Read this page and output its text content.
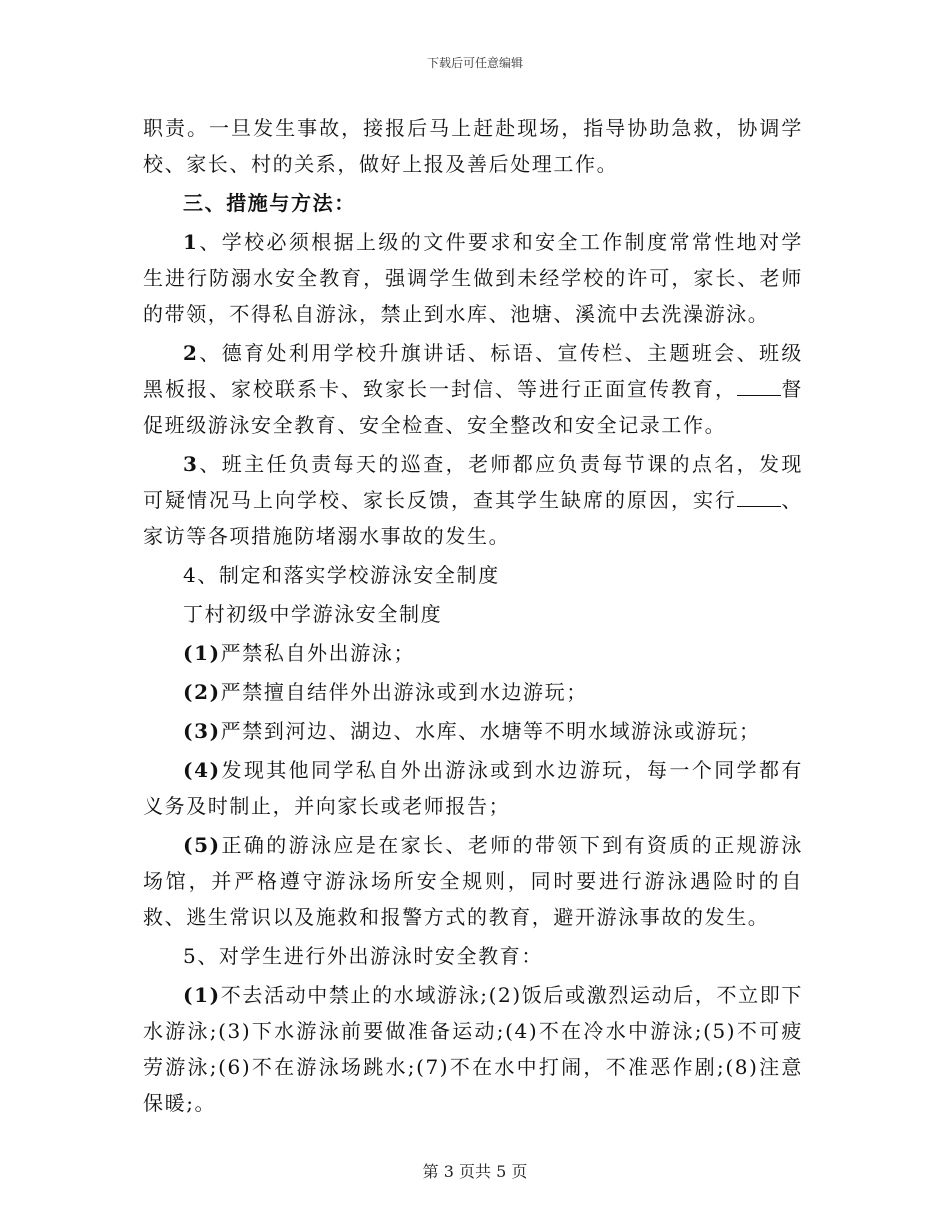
下载后可任意编辑

职责。一旦发生事故，接报后马上赶赴现场，指导协助急救，协调学校、家长、村的关系，做好上报及善后处理工作。

三、措施与方法：

1、学校必须根据上级的文件要求和安全工作制度常常性地对学生进行防溺水安全教育，强调学生做到未经学校的许可，家长、老师的带领，不得私自游泳，禁止到水库、池塘、溪流中去洗澡游泳。

2、德育处利用学校升旗讲话、标语、宣传栏、主题班会、班级黑板报、家校联系卡、致家长一封信、等进行正面宣传教育， 督促班级游泳安全教育、安全检查、安全整改和安全记录工作。

3、班主任负责每天的巡查，老师都应负责每节课的点名，发现可疑情况马上向学校、家长反馈，查其学生缺席的原因，实行 、家访等各项措施防堵溺水事故的发生。

4、制定和落实学校游泳安全制度

丁村初级中学游泳安全制度

(1)严禁私自外出游泳；

(2)严禁擅自结伴外出游泳或到水边游玩；

(3)严禁到河边、湖边、水库、水塘等不明水域游泳或游玩；

(4)发现其他同学私自外出游泳或到水边游玩，每一个同学都有义务及时制止，并向家长或老师报告；

(5)正确的游泳应是在家长、老师的带领下到有资质的正规游泳场馆，并严格遵守游泳场所安全规则，同时要进行游泳遇险时的自救、逃生常识以及施救和报警方式的教育，避开游泳事故的发生。

5、对学生进行外出游泳时安全教育：

(1)不去活动中禁止的水域游泳;(2)饭后或激烈运动后，不立即下水游泳;(3)下水游泳前要做准备运动;(4)不在冷水中游泳;(5)不可疲劳游泳;(6)不在游泳场跳水;(7)不在水中打闹，不准恶作剧;(8)注意保暖;。

第 3 页共 5 页
